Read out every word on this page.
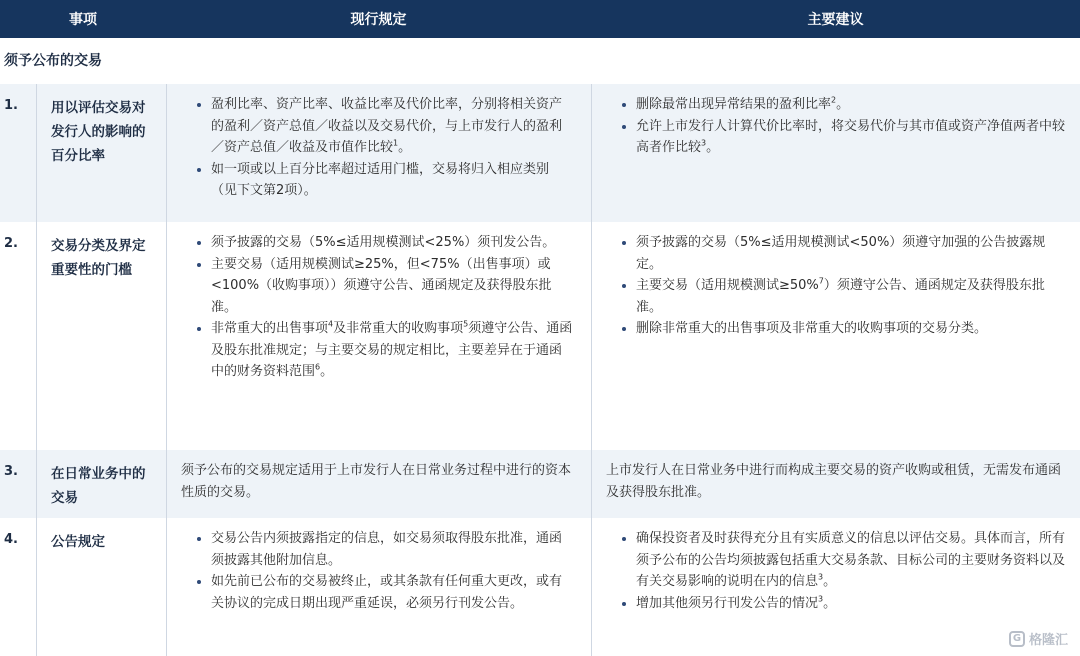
事项	现行规定	主要建议
须予公布的交易
1.	用以评估交易对发行人的影响的百分比率
• 盈利比率、资产比率、收益比率及代价比率，分别将相关资产的盈利／资产总值／收益以及交易代价，与上市发行人的盈利／资产总值／收益及市值作比较$^1$。
• 如一项或以上百分比率超过适用门槛，交易将归入相应类别（见下文第2项）。
• 删除最常出现异常结果的盈利比率$^2$。
• 允许上市发行人计算代价比率时，将交易代价与其市值或资产净值两者中较高者作比较$^3$。
2.	交易分类及界定重要性的门槛
• 须予披露的交易（5%≤适用规模测试<25%）须刊发公告。
• 主要交易（适用规模测试≥25%，但<75%（出售事项）或<100%（收购事项））须遵守公告、通函规定及获得股东批准。
• 非常重大的出售事项$^4$及非常重大的收购事项$^5$须遵守公告、通函及股东批准规定；与主要交易的规定相比，主要差异在于通函中的财务资料范围$^6$。
• 须予披露的交易（5%≤适用规模测试<50%）须遵守加强的公告披露规定。
• 主要交易（适用规模测试≥50%$^7$）须遵守公告、通函规定及获得股东批准。
• 删除非常重大的出售事项及非常重大的收购事项的交易分类。
3.	在日常业务中的交易
须予公布的交易规定适用于上市发行人在日常业务过程中进行的资本性质的交易。
上市发行人在日常业务中进行而构成主要交易的资产收购或租赁，无需发布通函及获得股东批准。
4.	公告规定
•	交易公告内须披露指定的信息，如交易须取得股东批准，通函须披露其他附加信息。
• 如先前已公布的交易被终止，或其条款有任何重大更改，或有关协议的完成日期出现严重延误，必须另行刊发公告。
• 确保投资者及时获得充分且有实质意义的信息以评估交易。具体而言，所有须予公布的公告均须披露包括重大交易条款、目标公司的主要财务资料以及有关交易影响的说明在内的信息$^3$。
• 增加其他须另行刊发公告的情况$^3$。
G 格隆汇
